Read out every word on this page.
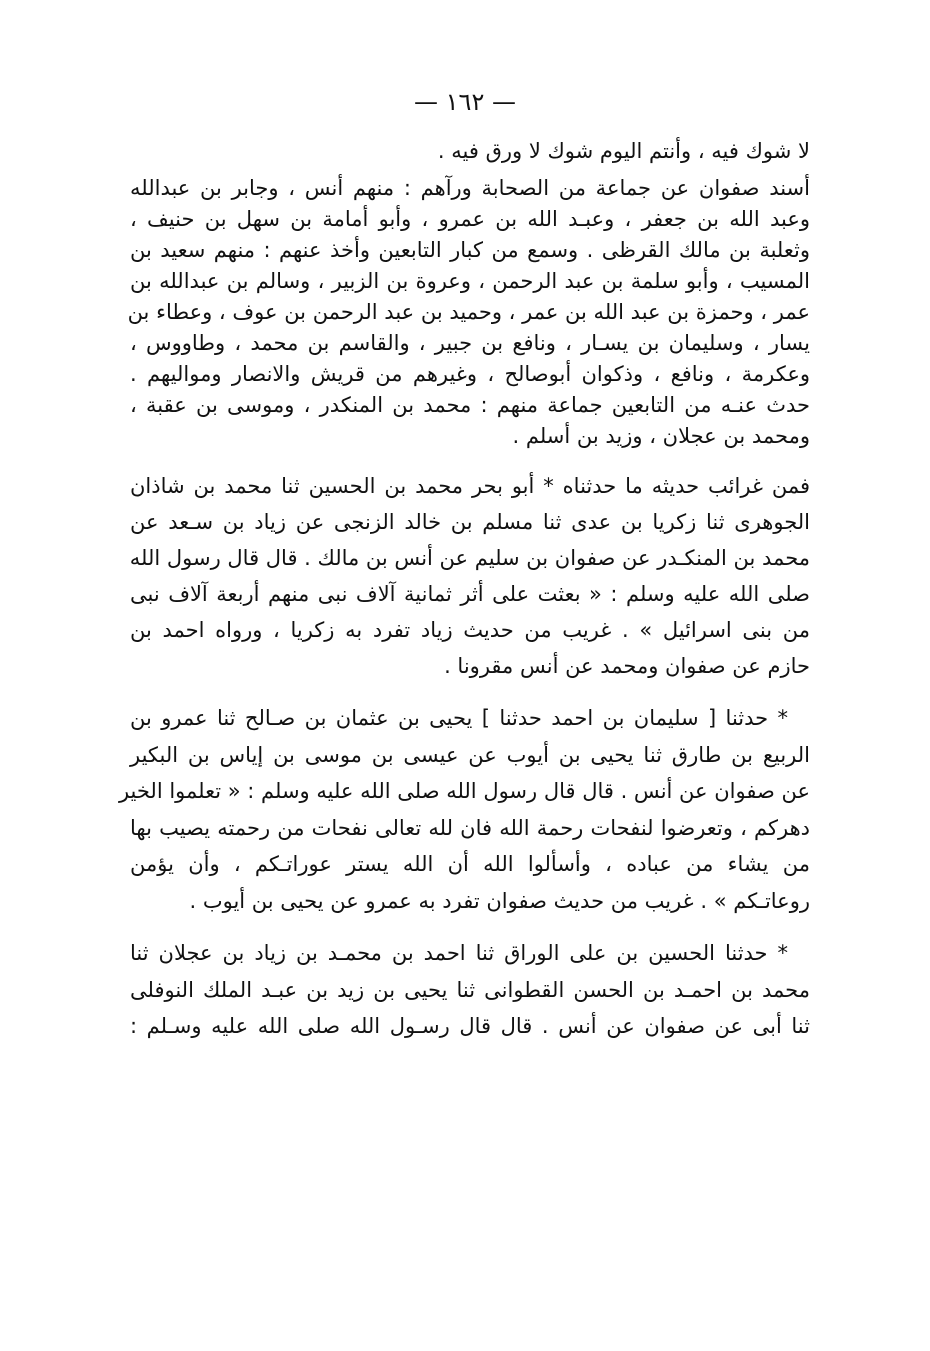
— ١٦٢ —
لا شوك فيه ، وأنتم اليوم شوك لا ورق فيه .
أسند صفوان عن جماعة من الصحابة ورآهم : منهم أنس ، وجابر بن عبدالله
وعبد الله بن جعفر ، وعبـد الله بن عمرو ، وأبو أمامة بن سهل بن حنيف ،
وثعلبة بن مالك القرظى . وسمع من كبار التابعين وأخذ عنهم : منهم سعيد بن
المسيب ، وأبو سلمة بن عبد الرحمن ، وعروة بن الزبير ، وسالم بن عبدالله بن
عمر ، وحمزة بن عبد الله بن عمر ، وحميد بن عبد الرحمن بن عوف ، وعطاء بن
يسار ، وسليمان بن يسـار ، ونافع بن جبير ، والقاسم بن محمد ، وطاووس ،
وعكرمة ، ونافع ، وذكوان أبوصالح ، وغيرهم من قريش والانصار ومواليهم .
حدث عنـه من التابعين جماعة منهم : محمد بن المنكدر ، وموسى بن عقبة ،
ومحمد بن عجلان ، وزيد بن أسلم .
فمن غرائب حديثه ما حدثناه * أبو بحر محمد بن الحسين ثنا محمد بن شاذان
الجوهرى ثنا زكريا بن عدى ثنا مسلم بن خالد الزنجى عن زياد بن سـعد عن
محمد بن المنكـدر عن صفوان بن سليم عن أنس بن مالك . قال قال رسول الله
صلى الله عليه وسلم : « بعثت على أثر ثمانية آلاف نبى منهم أربعة آلاف نبى
من بنى اسرائيل » . غريب من حديث زياد تفرد به زكريا ، ورواه احمد بن
حازم عن صفوان ومحمد عن أنس مقرونا .
* حدثنا [ سليمان بن احمد حدثنا ] يحيى بن عثمان بن صـالح ثنا عمرو بن
الربيع بن طارق ثنا يحيى بن أيوب عن عيسى بن موسى بن إياس بن البكير
عن صفوان عن أنس . قال قال رسول الله صلى الله عليه وسلم : « تعلموا الخير
دهركم ، وتعرضوا لنفحات رحمة الله فان لله تعالى نفحات من رحمته يصيب بها
من يشاء من عباده ، وأسألوا الله أن الله يستر عوراتـكم ، وأن يؤمن
روعاتـكم » . غريب من حديث صفوان تفرد به عمرو عن يحيى بن أيوب .
* حدثنا الحسين بن على الوراق ثنا احمد بن محمـد بن زياد بن عجلان ثنا
محمد بن احمـد بن الحسن القطوانى ثنا يحيى بن زيد بن عبـد الملك النوفلى
ثنا أبى عن صفوان عن أنس . قال قال رسـول الله صلى الله عليه وسـلم :
